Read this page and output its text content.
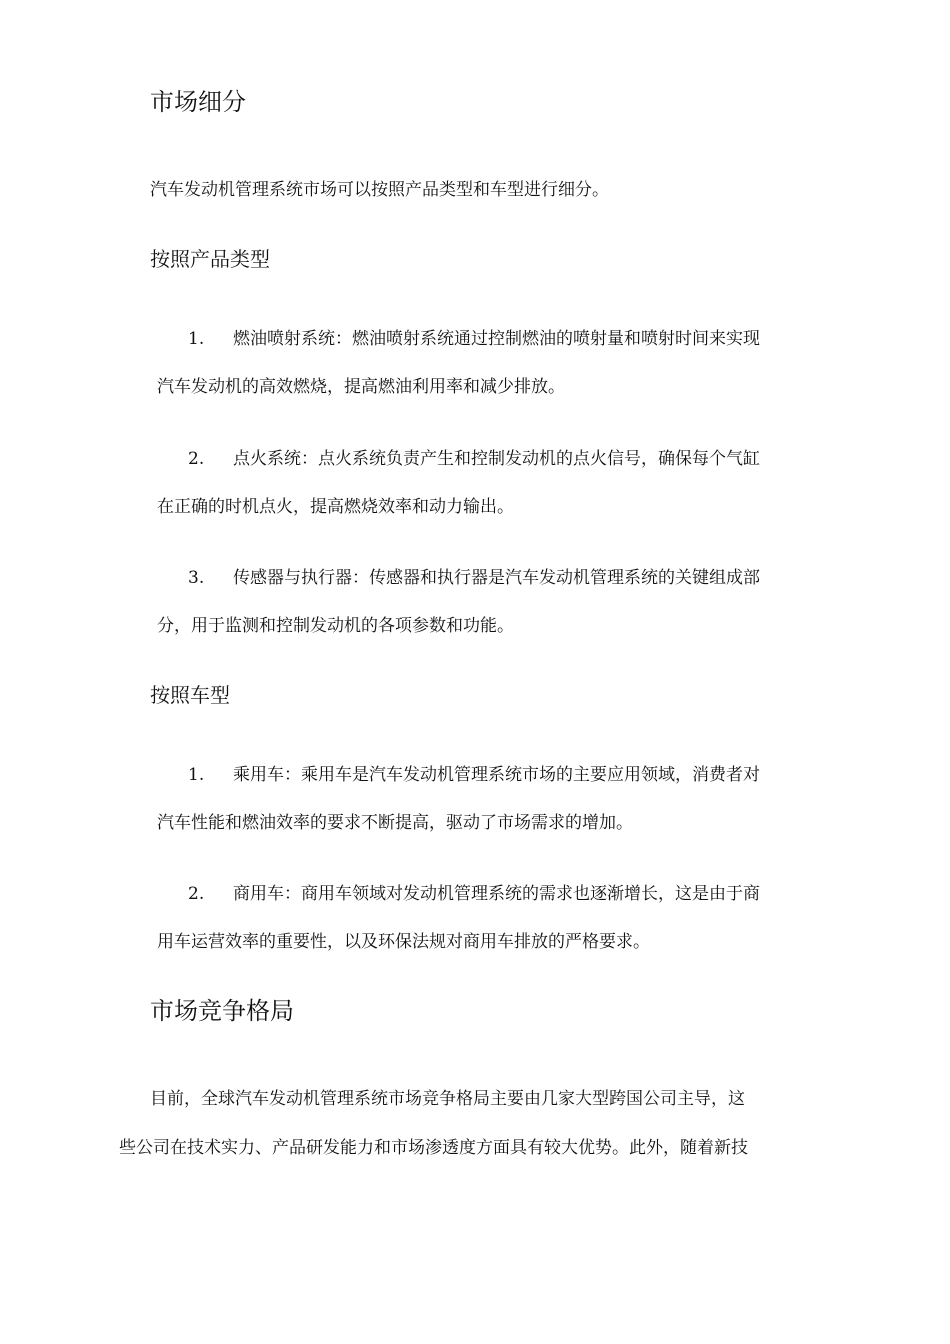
市场细分
汽车发动机管理系统市场可以按照产品类型和车型进行细分。
按照产品类型
1. 燃油喷射系统：燃油喷射系统通过控制燃油的喷射量和喷射时间来实现
汽车发动机的高效燃烧，提高燃油利用率和减少排放。
2. 点火系统：点火系统负责产生和控制发动机的点火信号，确保每个气缸
在正确的时机点火，提高燃烧效率和动力输出。
3. 传感器与执行器：传感器和执行器是汽车发动机管理系统的关键组成部
分，用于监测和控制发动机的各项参数和功能。
按照车型
1. 乘用车：乘用车是汽车发动机管理系统市场的主要应用领域，消费者对
汽车性能和燃油效率的要求不断提高，驱动了市场需求的增加。
2. 商用车：商用车领域对发动机管理系统的需求也逐渐增长，这是由于商
用车运营效率的重要性，以及环保法规对商用车排放的严格要求。
市场竞争格局
目前，全球汽车发动机管理系统市场竞争格局主要由几家大型跨国公司主导，这
些公司在技术实力、产品研发能力和市场渗透度方面具有较大优势。此外，随着新技
